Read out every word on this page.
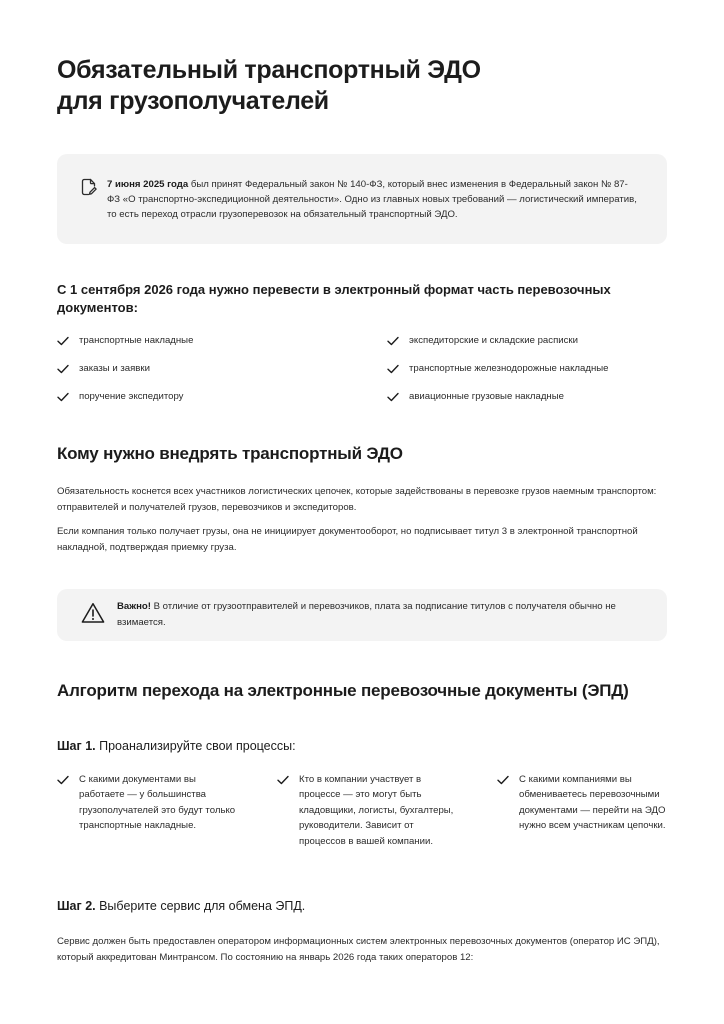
Обязательный транспортный ЭДО
для грузополучателей
7 июня 2025 года был принят Федеральный закон № 140-ФЗ, который внес изменения в Федеральный закон № 87-ФЗ «О транспортно-экспедиционной деятельности». Одно из главных новых требований — логистический императив, то есть переход отрасли грузоперевозок на обязательный транспортный ЭДО.
С 1 сентября 2026 года нужно перевести в электронный формат часть перевозочных документов:
транспортные накладные
заказы и заявки
поручение экспедитору
экспедиторские и складские расписки
транспортные железнодорожные накладные
авиационные грузовые накладные
Кому нужно внедрять транспортный ЭДО

Обязательность коснется всех участников логистических цепочек, которые задействованы в перевозке грузов наемным транспортом: отправителей и получателей грузов, перевозчиков и экспедиторов.

Если компания только получает грузы, она не инициирует документооборот, но подписывает титул 3 в электронной транспортной накладной, подтверждая приемку груза.

Важно! В отличие от грузоотправителей и перевозчиков, плата за подписание титулов с получателя обычно не взимается.
Алгоритм перехода на электронные перевозочные документы (ЭПД)

Шаг 1. Проанализируйте свои процессы:

С какими документами вы работаете — у большинства грузополучателей это будут только транспортные накладные.
Кто в компании участвует в процессе — это могут быть кладовщики, логисты, бухгалтеры, руководители. Зависит от процессов в вашей компании.
С какими компаниями вы обмениваетесь перевозочными документами — перейти на ЭДО нужно всем участникам цепочки.

Шаг 2. Выберите сервис для обмена ЭПД.

Сервис должен быть предоставлен оператором информационных систем электронных перевозочных документов (оператор ИС ЭПД), который аккредитован Минтрансом. По состоянию на январь 2026 года таких операторов 12:
